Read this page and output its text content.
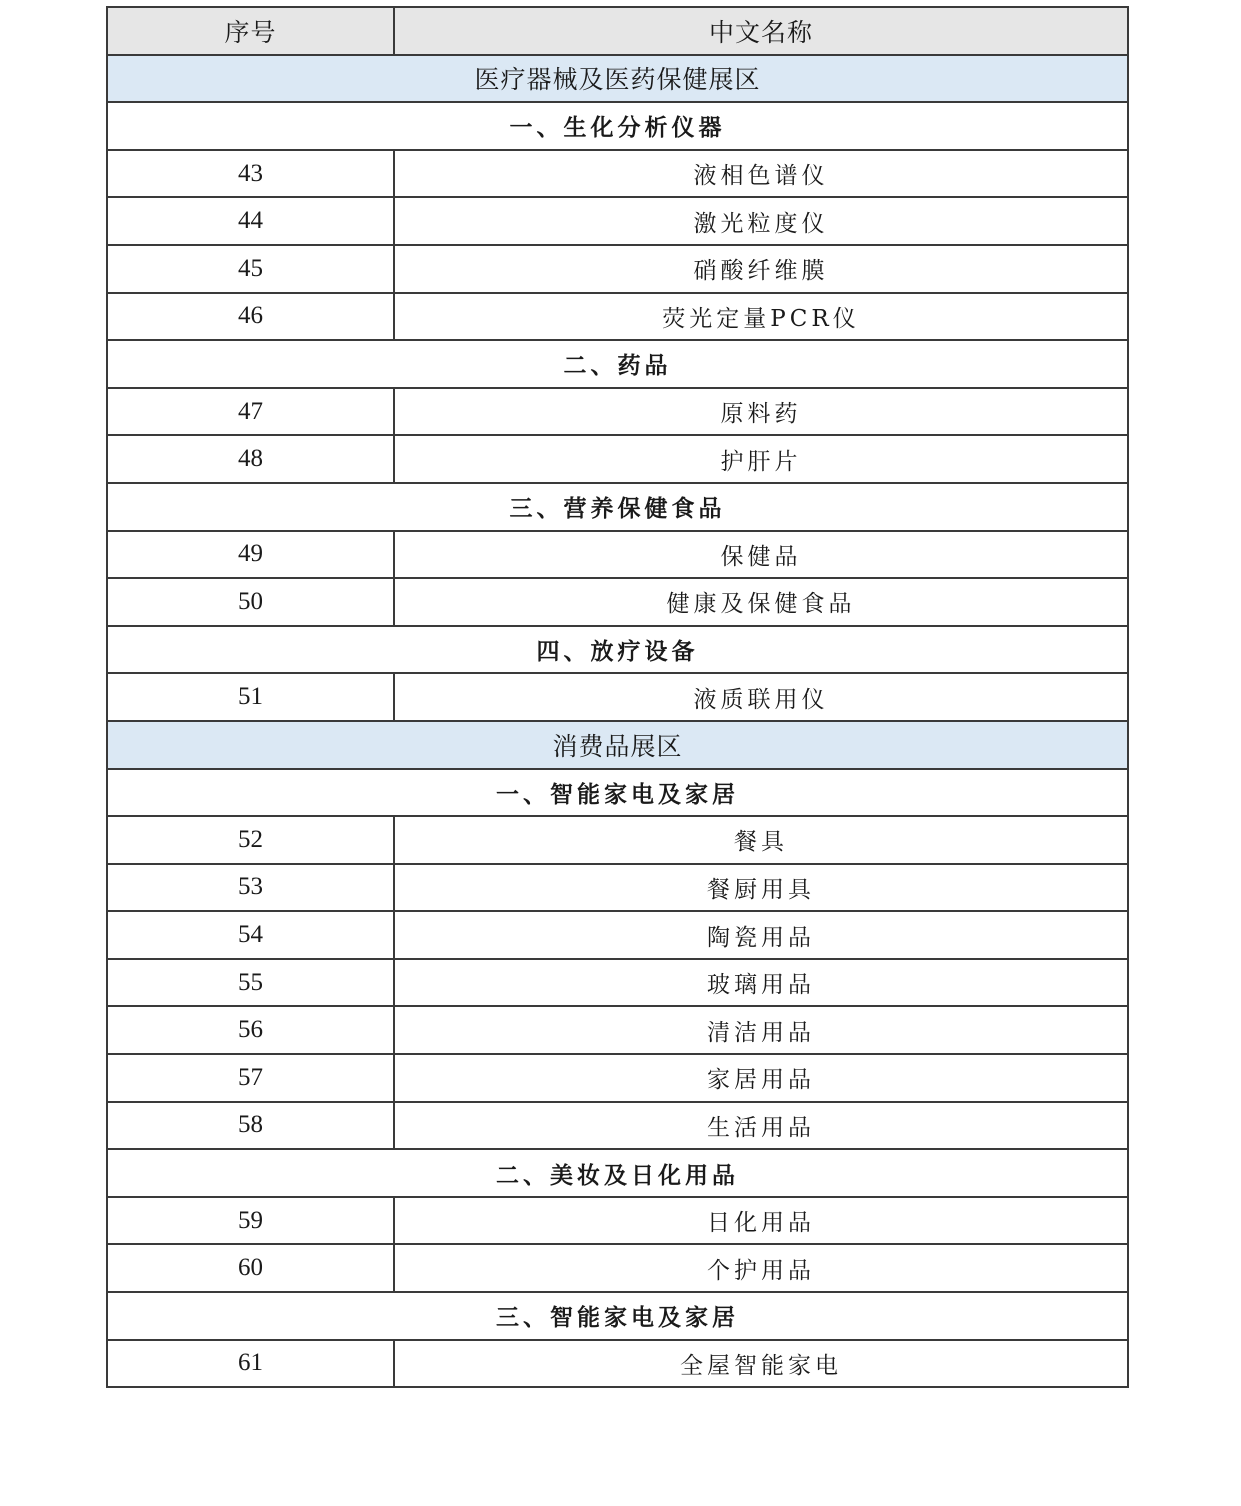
序号	中文名称
医疗器械及医药保健展区	
一、生化分析仪器	
43	液相色谱仪
44	激光粒度仪
45	硝酸纤维膜
46	荧光定量PCR仪
二、药品	
47	原料药
48	护肝片
三、营养保健食品	
49	保健品
50	健康及保健食品
四、放疗设备	
51	液质联用仪
消费品展区	
一、智能家电及家居	
52	餐具
53	餐厨用具
54	陶瓷用品
55	玻璃用品
56	清洁用品
57	家居用品
58	生活用品
二、美妆及日化用品	
59	日化用品
60	个护用品
三、智能家电及家居	
61	全屋智能家电
